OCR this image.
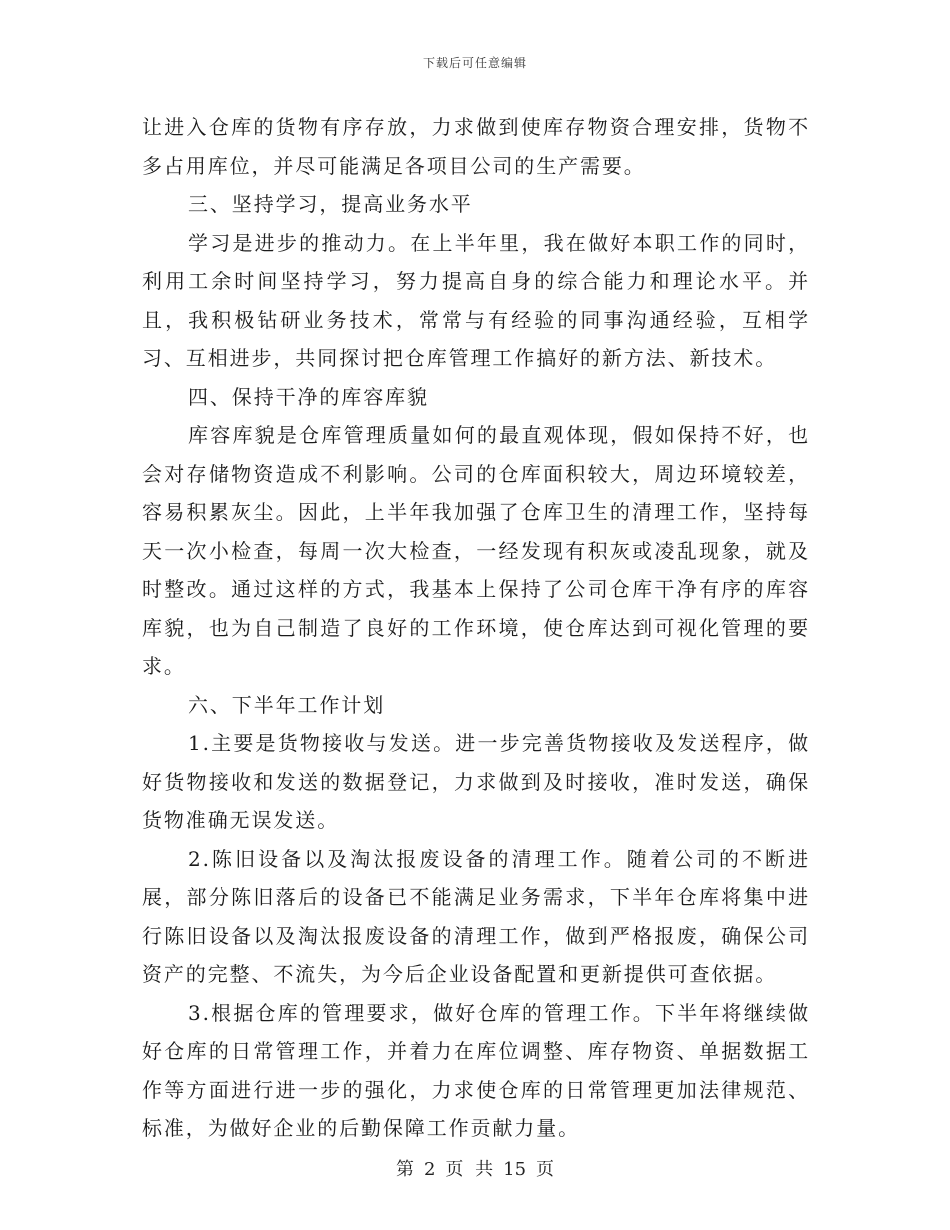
下载后可任意编辑

让进入仓库的货物有序存放，力求做到使库存物资合理安排，货物不多占用库位，并尽可能满足各项目公司的生产需要。

三、坚持学习，提高业务水平

学习是进步的推动力。在上半年里，我在做好本职工作的同时，利用工余时间坚持学习，努力提高自身的综合能力和理论水平。并且，我积极钻研业务技术，常常与有经验的同事沟通经验，互相学习、互相进步，共同探讨把仓库管理工作搞好的新方法、新技术。

四、保持干净的库容库貌

库容库貌是仓库管理质量如何的最直观体现，假如保持不好，也会对存储物资造成不利影响。公司的仓库面积较大，周边环境较差，容易积累灰尘。因此，上半年我加强了仓库卫生的清理工作，坚持每天一次小检查，每周一次大检查，一经发现有积灰或凌乱现象，就及时整改。通过这样的方式，我基本上保持了公司仓库干净有序的库容库貌，也为自己制造了良好的工作环境，使仓库达到可视化管理的要求。

六、下半年工作计划

1.主要是货物接收与发送。进一步完善货物接收及发送程序，做好货物接收和发送的数据登记，力求做到及时接收，准时发送，确保货物准确无误发送。

2.陈旧设备以及淘汰报废设备的清理工作。随着公司的不断进展，部分陈旧落后的设备已不能满足业务需求，下半年仓库将集中进行陈旧设备以及淘汰报废设备的清理工作，做到严格报废，确保公司资产的完整、不流失，为今后企业设备配置和更新提供可查依据。

3.根据仓库的管理要求，做好仓库的管理工作。下半年将继续做好仓库的日常管理工作，并着力在库位调整、库存物资、单据数据工作等方面进行进一步的强化，力求使仓库的日常管理更加法律规范、标准，为做好企业的后勤保障工作贡献力量。

第 2 页 共 15 页
